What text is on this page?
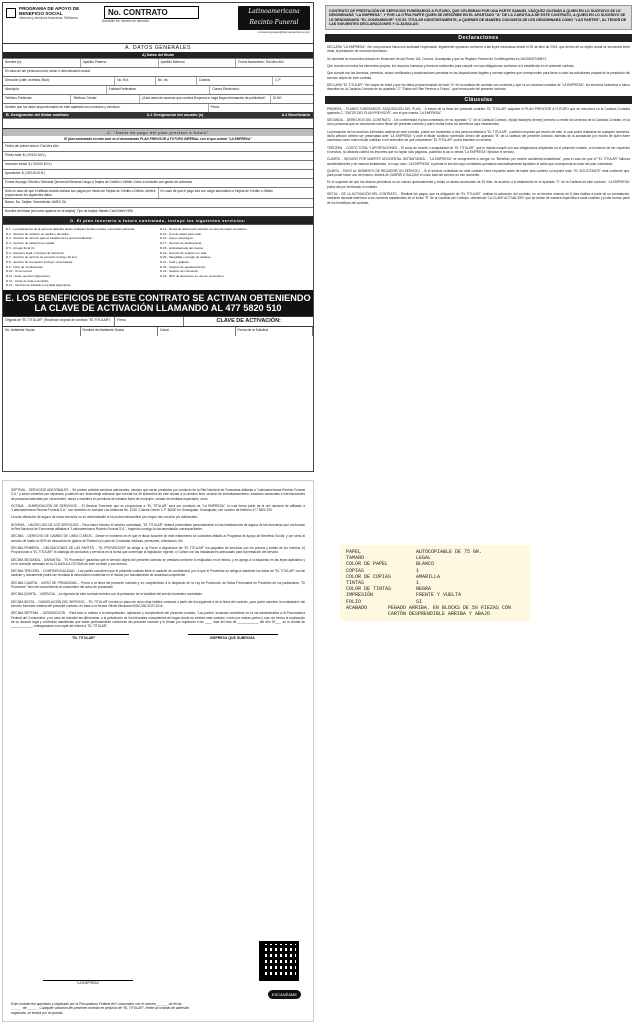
PROGRAMA DE APOYO DE BENEFICIO SOCIAL
Informes y servicios funerarios: Teléfonos:
No. CONTRATO
Domicilio en: Horario de atención:
Latinoamericana Recinto Funeral
contactoyquejas@latinoamericana.com
A. DATOS GENERALES
A) Datos del titular
Nombre (s):	Apellido Paterno:	Apellido Materno:	Fecha Nacimiento: Día Mes Año
En caso de ser persona moral, razón o denominación social:
Dirección (calle, avenida, Blvd):	No. Ext.	No. Int.	Colonia:	C.P.
Municipio:	Entidad Federativa:	Correo Electrónico:
Teléfono Particular:	Teléfono Celular:	¿Está usted de acuerdo que nuestra Empresa le haga llegar información de publicidad?	SÍ NO
Declare que los datos proporcionados en este apartado son correctos y verídicos.	Firma:
B. Designación del titular sustituto	b.1 Designación del usuario (s)	b.2 Beneficiario
C. "Datos de pago del plan previsor a futuro"
El plan contratado en este acto es el denominado PLAN PREVISOR A FUTURO IMPERIAL con el que cuenta "LA EMPRESA"
Fecha del primer abono: Día Mes Año
Precio total: $ ( 00/100 M.N.)
Inversión inicial: $ ( 00/100 M.N.)
Aportación: $ ( 00/100 M.N.)
Forma de pago: Efectivo Semanal Quincenal Mensual Carga a Tarjeta de Crédito o Débito Cobro a domicilio con gestor de cobranza
Sólo en caso de que el afiliado decida realizar sus pagos por medio de Tarjeta de Crédito o Débito, deberá proporcionar los siguientes datos:
En caso de que el pago sea con cargo automático a Tarjeta de Crédito o Débito
Banco: No. Tarjeta: Vencimiento: AMEX SA
Nombre del titular (tal como aparece en la tarjeta): Tipo de tarjeta: Master Card Debit VISA
D. El plan funerario a futuro contratado, incluye los siguientes servicios:
D.1 - Levantamiento de la persona fallecida desde cualquier ámbito médico o domicilio particular.
D.2 - Servicio de velación en capilla o domicilio.
D.3 - Servicio de carroza para el traslado de la persona fallecida.
D.4 - Servicio de cafetería en capilla.
D.5 - Arreglo floral (1).
D.6 - Asesoría legal y trámites de defunción.
D.7 - Servicio de carroza de servicios (incluye 40 km).
D.8 - Servicio de cremación (incluye: urna básica).
D.9 - Libro de condolencias.
D.10 - Urna normal.
D.11 - Aviso oportuno (Ejemplos).
D.12 - Carta de Vida a domicilio.
D.13 - Servicio de traslado a pantalla (Ejemplos).
D.14 - Renta de ataúd para velación en caso de elegir cremación.
D.15 - Una de ataúd para velar.
D.16 - Apoyo psicológico.
D.17 - Servicio de tanatopraxia.
D.18 - Embalsamado del cuerpo.
D.19 - Servicio de velación en sala.
D.20 - Maquillaje y arreglo de cadáver.
D.21 - Café y galletas.
D.22 - Tarjetón de agradecimiento.
D.23 - Gestión de cremación.
D.24 - 50% de descuento en uso de cementerio.
E. LOS BENEFICIOS DE ESTE CONTRATO SE ACTIVAN OBTENIENDO LA CLAVE DE ACTIVACIÓN LLAMANDO AL 477 5820 510
Original de "EL TITULAR" (Recibidor original de contrato "EL TITULAR")	Firma	CLAVE DE ACTIVACIÓN:
No. Asistente Social	Nombre del Asistente Social	Canal	Fecha de la Solicitud
CONTRATO DE PRESTACIÓN DE SERVICIOS FUNERARIOS A FUTURO, QUE CELEBRAN POR UNA PARTE SAMUEL VÁZQUEZ GUZMÁN A QUIEN EN LO SUCESIVO SE LE DENOMINARÁ "LA EMPRESA", Y POR LA OTRA PARTE QUIEN SE DESCRIBE EN EL APARTADO "A" DE LA CARÁTULA DE ESTE CONTRATO, A QUIEN EN LO SUCESIVO SE LE DENOMINARÁ "EL CONSUMIDOR" Y/O EL TITULAR INDISTINTAMENTE, A QUIENES DE MANERA CONJUNTA SE LES DENOMINARÁ COMO "LAS PARTES", AL TENOR DE LAS SIGUIENTES DECLARACIONES Y CLÁUSULAS:
Declaraciones

DECLARA "LA EMPRESA": Ser una persona física con actividad empresarial, legalmente operando conforme a las leyes mexicanas desde el 09 de abril de 2015, que dentro de su objeto social se encuentra entre otras, la prestación de servicios funerarios.

Su domicilio se encuentra ubicado en Boulevard de las Flores 118, Colonia, Guanajuato y que su Registro Federal de Contribuyentes es VAGS840716MY1.

Que cuenta con todos los elementos propios, los recursos humanos y técnicos suficientes para cumplir con sus obligaciones conforme a lo establecido en el presente contrato.

Que cumple con las licencias, permisos, avisos certificados y autorizaciones previstas en las disposiciones legales y normas vigentes que corresponden para llevar a cabo las actividades propias de la prestación del servicio objeto de este contrato.

DECLARA "EL TITULAR": Ser mayor de edad y que los datos proporcionados del lado "A" de la carátula del contrato son correctos y que es su voluntad contratar de "LA EMPRESA", los servicios funerarios a futuro descritos en la Carátula Contrato en su apartado "C" "Datos del Plan Previsor a Futuro", que forma parte del presente contrato.

Cláusulas

PRIMERA. - PLANES FUNERARIOS. ADQUISICIÓN DEL PLAN. - A través de la firma del presente contrato "EL TITULAR" adquiere el PLAN PREVISOR A FUTURO que se menciona en la Carátula Contrato apartado C. "DATOS DEL PLAN PREVISOR", con el que cuenta "LA EMPRESA".

SEGUNDA. - DERECHOS DEL CONTRATO. - De conformidad el plan contratado, en su apartado "C" de la Carátula Contrato, el(los) titular(es) tiene(n) derecho a recibir los servicios de la Carátula Contrato, en la cinco personas que se mencionan como titular del presente contrato y quien reciba todos los beneficios aquí establecidos.

La prestación de los servicios funerarios materia de este contrato, puede ser transferido a otra persona distinta a "EL TITULAR", a petición expresa por escrito de este, lo cual podrá realizarse en cualquier momento, dicha petición deberá ser presentada ante "LA EMPRESA" y ante el titular sustituto nombrado dentro del apartado "B" de la carátula del presente contrato, además de la aceptación por escrito de quien fuere nombrado como nuevo titular sustituto en el entendido de que únicamente "EL TITULAR" podrá transferir su servicio.

TERCERA. - COSTO TOTAL Y APORTACIONES. - El costo de muerte o incapacidad de "EL TITULAR", que le impida cumplir con sus obligaciones adquiridas en el presente contrato, el momento de ser requerido el servicio, su albacea cubrirá los importes que no hayan sido pagados, pudiendo si así lo desea "LA EMPRESA" ejecutar el servicio.

CUARTA. - SEGURO POR MUERTE ACCIDENTAL INSTANTÁNEA. - "LA EMPRESA" se compromete a otorgar un "Beneficio por muerte accidental instantánea", para el caso de que el "EL TITULAR" fallezca accidentalmente y de manera instantánea, en cuyo caso "LA EMPRESA" a prestar el servicio aquí contratado quedando automáticamente liquidado el saldo que corresponda al costo del plan contratado.

QUINTA. - PAGO AL MOMENTO DE REQUERIR UN SERVICIO. - Si el servicio contratado en este contrato fuera requerido antes de haber sido cubierto su importe total, "EL SOLICITANTE" está conforme que, para poder hacer uso del mismo, deberá de CUBRIR O SALDAR el costo total del servicio en ese momento.

En el supuesto de que los abonos periódicos no se cubran oportunamente y exista un atraso acumulado de 30 días, de acuerdo a lo establecido en el apartado "C" de la Carátula de este contrato, "LA EMPRESA" podrá dar por terminado el contrato.

SEXTA. - DE LA ACTIVACIÓN DEL CONTRATO. - Realizar los pagos, que es obligación de "EL TITULAR", realizar la activación del contrato, en un término máximo de 8 días hábiles a partir de su contratación, mediante llamada telefónica a los números establecidos en el inciso "E" de la Carátula del Contrato, obteniendo "LA CLAVE ACTIVACIÓN" que se brinde de manera específica a cada contrato y poder formar parte de los beneficios del contrato.

SÉPTIMA. - SERVICIOS ADICIONALES. - Se podrán solicitar servicios adicionales, mismos que serán prestados por conducto de la Red Nacional de Funerarias afiliadas a "Latinoamericana Recinto Funeral S.A." y serán cubiertos por separado, pudiendo ser: kilometraje adicional que exceda los 40 kilómetros de este ciudad a su destino final, servicio de embalsamamiento, traslados nacionales e internacionales de personas fallecidas por vía terrestre, aérea o marítima en permisos de traslado fuera de municipio, unidad de medidas especiales, otros.

OCTAVA. - SUBROGACIÓN DE SERVICIOS. - El Servicio Funerario que se proporcione a "EL TITULAR" será por conducto de "LA EMPRESA", la cual forma parte de la red nacional de afiliadas a "Latinoamericana Recinto Funeral S.A." con domicilio en Avenida Las Américas No. 1030, Colonia Centro C.P. 36000 en Guanajuato, Guanajuato, con número de teléfono 477 5820 510.

La sola utilización de alguno de estos servicios no es reembolsable ni se podrá intercambiar por ningún otro servicio y/o adicionales.

NOVENA. - HACER USO DE LOS SERVICIOS. - Para hacer efectivo el servicio contratado, "EL TITULAR" deberá presentarse personalmente en las instalaciones de alguna de las funerarias que conforman la Red Nacional de Funerarias afiliadas a "Latinoamericana Recinto Funeral S.A.", trayendo consigo la documentación correspondiente.

DÉCIMA. - DERECHO DE CAMBIO DE LINEA O AÑOS. - Desde el momento en el que el titular suscribe de este instrumento se considera afiliado al Programa de Apoyo de Beneficio Social, y por tanto al servicio de hasta un 50% de descuento en gastos de Panteón y/o plan de Consultas médicas, pensiones, orientación, etc.

DÉCIMA PRIMERA. - OBLIGACIONES DE LAS PARTES. - "EL PROVEEDOR" se obliga a: a) Poner a disposición de "EL TITULAR" los paquetes de servicios con los precios y tarifas de los mismos, b) Proporcionar a "EL TITULAR" el catálogo de productos y servicios en la forma que contemple la legislación vigente, c) Contar con las instalaciones adecuadas para la prestación del servicio.

DÉCIMA SEGUNDA. - GARANTÍA. - "El Proveedor" garantiza que el servicio objeto del presente contrato se prestará conforme lo estipulado en el mismo, y en apego a lo dispuesto en las leyes aplicables y en el domicilio señalado en la CLÁUSULA OCTAVA de este contrato y sus anexos.

DÉCIMA TERCERA. - CONFIDENCIALIDAD. - Las partes convienen que el presente contrato tiene el carácter de confidencial, por lo que el Proveedor se obliga a mantener los datos de "EL TITULAR" con tal carácter y únicamente podrá ser revelada la información contenida en el mismo por mandamiento de autoridad competente.

DÉCIMA CUARTA. - AVISO DE PRIVACIDAD. - Previo a la firma del presente contrato y en cumplimiento a lo dispuesto en la Ley de Protección de Datos Personales en Posesión de los particulares, "El Proveedor" hizo del conocimiento al consumidor del aviso de privacidad.

DÉCIMA QUINTA. - VIGENCIA. - La vigencia de este contrato termina con la prestación de la totalidad del servicio funerario contratado.

DÉCIMA SEXTA. - CANCELACIÓN DEL SERVICIO. - "EL TITULAR" tendrá un plazo de cinco días hábiles contados a partir del día siguiente a de la firma del contrato, para poder cancelar la contratación del servicio funerario materia del presente contrato, en base a la Norma Oficial Mexicana NOM-036-SCFI-2016.

DÉCIMA SÉPTIMA. - JURISDICCIÓN. - Para todo lo relativo a la interpretación, aplicación y cumplimiento del presente contrato, "Las partes" acuerdan someterse en la vía administrativa a la Procuraduría Federal del Consumidor, y en caso de subsistir las diferencias, a la jurisdicción de los tribunales competentes del lugar donde se celebra este contrato. Leído por ambas partes y una vez hecha la explicación de su alcance legal y contenido manifiestan que están perfectamente conformes del presente contrato y lo firman por duplicado a los ____ días del mes de ____________ del año 20___, en la ciudad de ____________, entregándose una copia del mismo a "EL TITULAR".

"EL TITULAR"	EMPRESA QUE SUBROGA
"LA EMPRESA"
Este contrato fue aprobado y registrado por la Procuraduría Federal del Consumidor con el número ______ de fecha ______ de ______ Cualquier variación del presente contrato en perjuicio de "EL TITULAR", frente al contrato de adhesión registrado, se tendrá por no puesta.
ESCANÉAME
PAPEL	AUTOCOPIABLE DE 75 GR.
TAMAÑO	LEGAL
COLOR DE PAPEL	BLANCO
COPIAS	1
COLOR DE COPIAS	AMARILLA
TINTAS	1
COLOR DE TINTAS	NEGRA
IMPRESIÓN	FRENTE Y VUELTA
FOLIO	SI
ACABADO	PEGADO ARRIBA. EN BLOCKS DE 50 PIEZAS CON CARTÓN DESPRENDIBLE ARRIBA Y ABAJO
